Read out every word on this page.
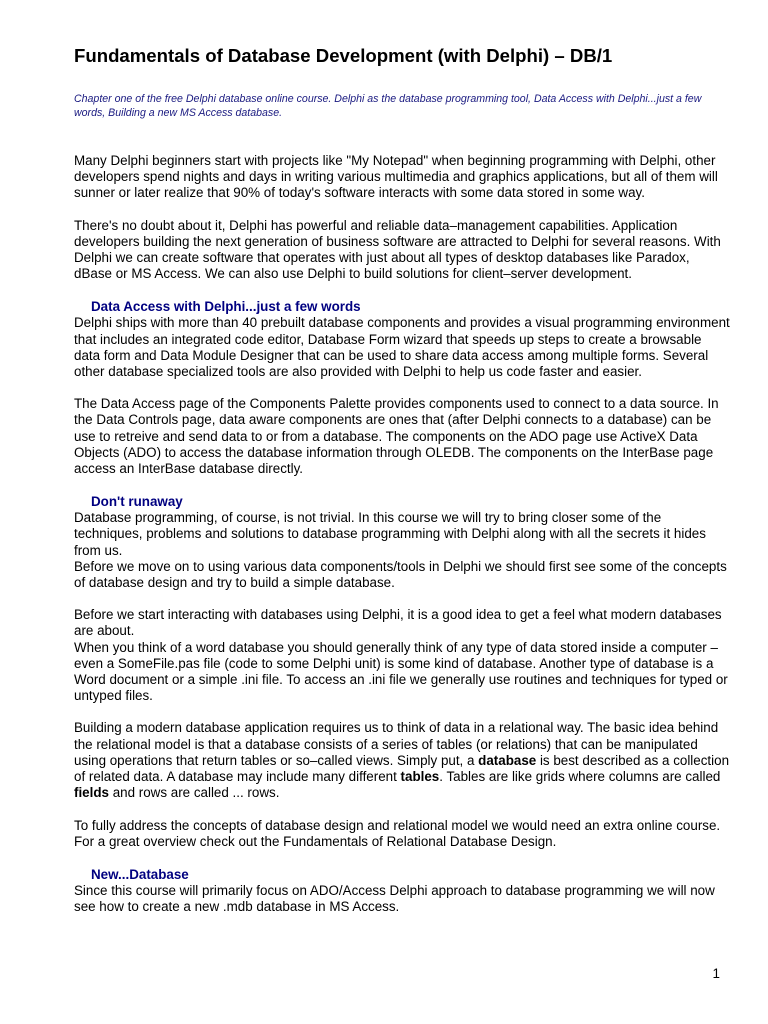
Fundamentals of Database Development (with Delphi) – DB/1

Chapter one of the free Delphi database online course. Delphi as the database programming tool, Data Access with Delphi...just a few words, Building a new MS Access database.

Many Delphi beginners start with projects like "My Notepad" when beginning programming with Delphi, other developers spend nights and days in writing various multimedia and graphics applications, but all of them will sunner or later realize that 90% of today's software interacts with some data stored in some way.

There's no doubt about it, Delphi has powerful and reliable data–management capabilities. Application developers building the next generation of business software are attracted to Delphi for several reasons. With Delphi we can create software that operates with just about all types of desktop databases like Paradox, dBase or MS Access. We can also use Delphi to build solutions for client–server development.

Data Access with Delphi...just a few words

Delphi ships with more than 40 prebuilt database components and provides a visual programming environment that includes an integrated code editor, Database Form wizard that speeds up steps to create a browsable data form and Data Module Designer that can be used to share data access among multiple forms. Several other database specialized tools are also provided with Delphi to help us code faster and easier.

The Data Access page of the Components Palette provides components used to connect to a data source. In the Data Controls page, data aware components are ones that (after Delphi connects to a database) can be use to retreive and send data to or from a database. The components on the ADO page use ActiveX Data Objects (ADO) to access the database information through OLEDB. The components on the InterBase page access an InterBase database directly.

Don't runaway

Database programming, of course, is not trivial. In this course we will try to bring closer some of the techniques, problems and solutions to database programming with Delphi along with all the secrets it hides from us.

Before we move on to using various data components/tools in Delphi we should first see some of the concepts of database design and try to build a simple database.

Before we start interacting with databases using Delphi, it is a good idea to get a feel what modern databases are about.

When you think of a word database you should generally think of any type of data stored inside a computer – even a SomeFile.pas file (code to some Delphi unit) is some kind of database. Another type of database is a Word document or a simple .ini file. To access an .ini file we generally use routines and techniques for typed or untyped files.

Building a modern database application requires us to think of data in a relational way. The basic idea behind the relational model is that a database consists of a series of tables (or relations) that can be manipulated using operations that return tables or so–called views. Simply put, a database is best described as a collection of related data. A database may include many different tables. Tables are like grids where columns are called fields and rows are called ... rows.

To fully address the concepts of database design and relational model we would need an extra online course. For a great overview check out the Fundamentals of Relational Database Design.

New...Database

Since this course will primarily focus on ADO/Access Delphi approach to database programming we will now see how to create a new .mdb database in MS Access.

1
